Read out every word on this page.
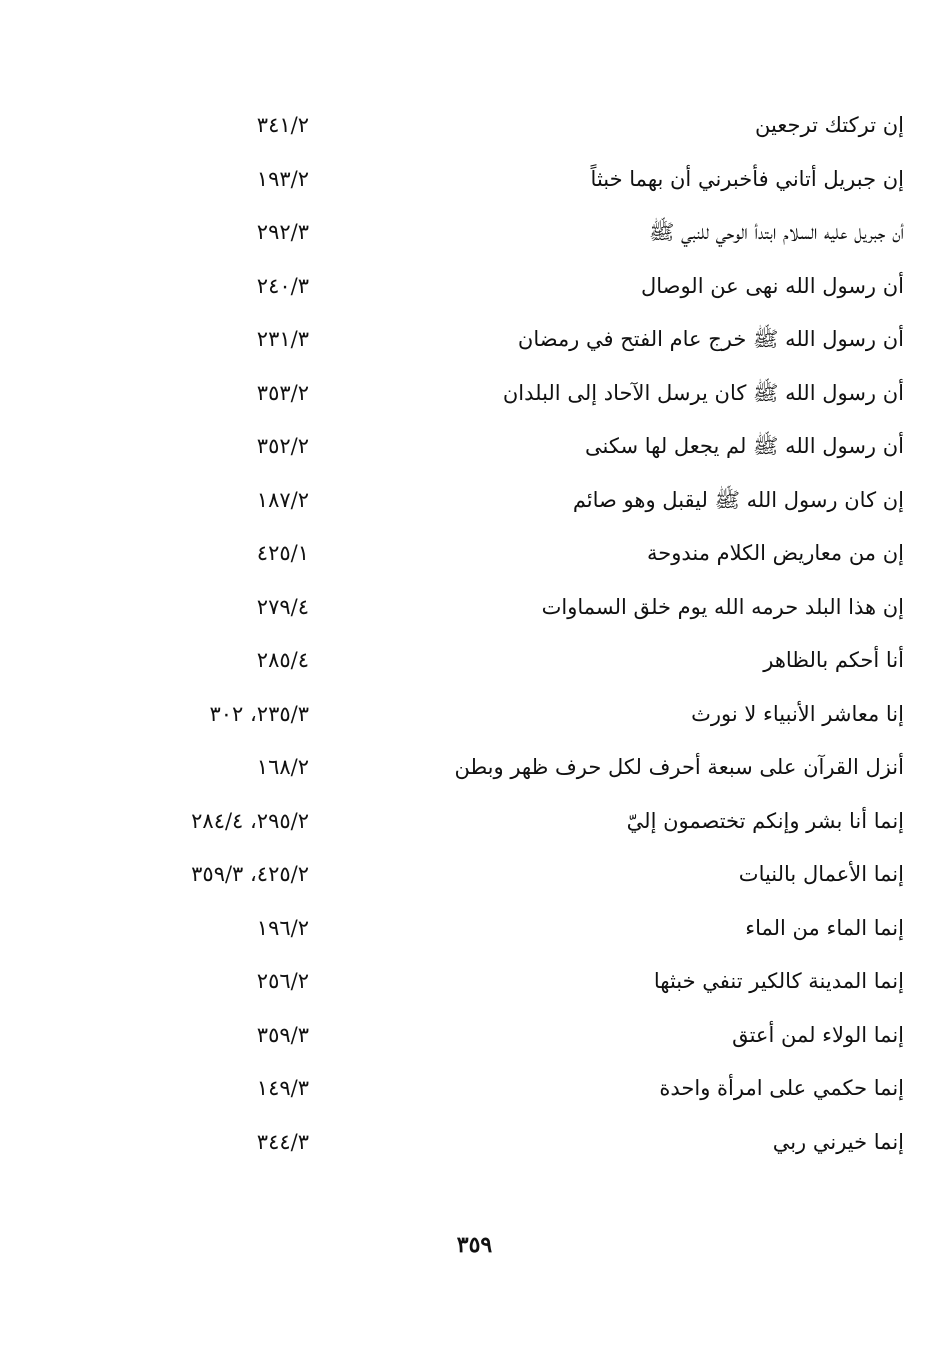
إن تركتك ترجعين
٣٤١/٢
إن جبريل أتاني فأخبرني أن بهما خبثاً
١٩٣/٢
أن جبريل عليه السلام ابتدأ الوحي للنبي ﷺ
٢٩٢/٣
أن رسول الله نهى عن الوصال
٢٤٠/٣
أن رسول الله ﷺ خرج عام الفتح في رمضان
٢٣١/٣
أن رسول الله ﷺ كان يرسل الآحاد إلى البلدان
٣٥٣/٢
أن رسول الله ﷺ لم يجعل لها سكنى
٣٥٢/٢
إن كان رسول الله ﷺ ليقبل وهو صائم
١٨٧/٢
إن من معاريض الكلام مندوحة
٤٢٥/١
إن هذا البلد حرمه الله يوم خلق السماوات
٢٧٩/٤
أنا أحكم بالظاهر
٢٨٥/٤
إنا معاشر الأنبياء لا نورث
٢٣٥/٣، ٣٠٢
أنزل القرآن على سبعة أحرف لكل حرف ظهر وبطن
١٦٨/٢
إنما أنا بشر وإنكم تختصمون إليّ
٢٩٥/٢، ٢٨٤/٤
إنما الأعمال بالنيات
٤٢٥/٢، ٣٥٩/٣
إنما الماء من الماء
١٩٦/٢
إنما المدينة كالكير تنفي خبثها
٢٥٦/٢
إنما الولاء لمن أعتق
٣٥٩/٣
إنما حكمي على امرأة واحدة
١٤٩/٣
إنما خيرني ربي
٣٤٤/٣
٣٥٩
